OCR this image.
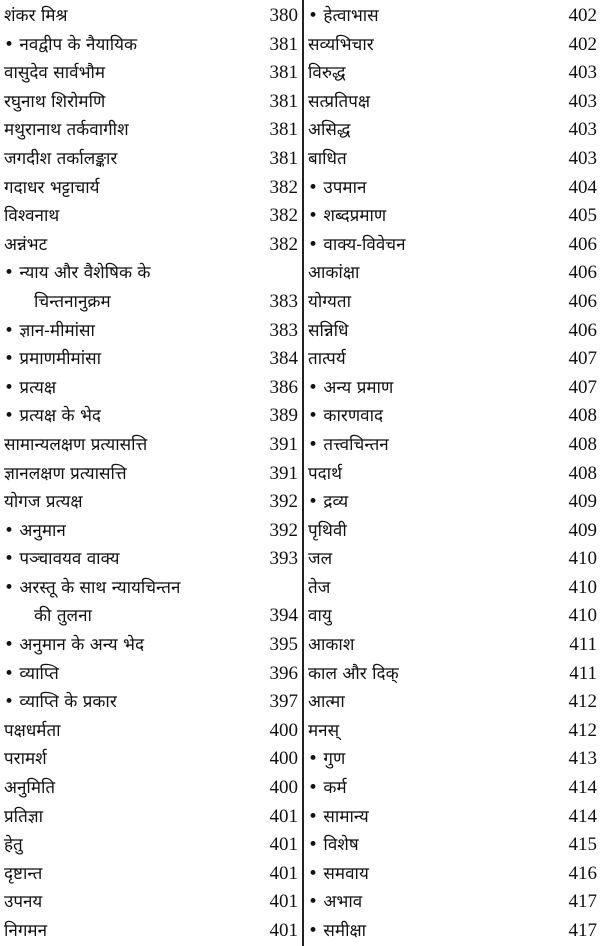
शंकर मिश्र	380
• नवद्वीप के नैयायिक	381
वासुदेव सार्वभौम	381
रघुनाथ शिरोमणि	381
मथुरानाथ तर्कवागीश	381
जगदीश तर्कालङ्कार	381
गदाधर भट्टाचार्य	382
विश्वनाथ	382
अन्नंभट	382
• न्याय और वैशेषिक के
चिन्तनानुक्रम	383
• ज्ञान-मीमांसा	383
• प्रमाणमीमांसा	384
• प्रत्यक्ष	386
• प्रत्यक्ष के भेद	389
सामान्यलक्षण प्रत्यासत्ति	391
ज्ञानलक्षण प्रत्यासत्ति	391
योगज प्रत्यक्ष	392
• अनुमान	392
• पञ्चावयव वाक्य	393
• अरस्तू के साथ न्यायचिन्तन
की तुलना	394
• अनुमान के अन्य भेद	395
• व्याप्ति	396
• व्याप्ति के प्रकार	397
पक्षधर्मता	400
परामर्श	400
अनुमिति	400
प्रतिज्ञा	401
हेतु	401
दृष्टान्त	401
उपनय	401
निगमन	401
• हेत्वाभास	402
सव्यभिचार	402
विरुद्ध	403
सत्प्रतिपक्ष	403
असिद्ध	403
बाधित	403
• उपमान	404
• शब्दप्रमाण	405
• वाक्य-विवेचन	406
आकांक्षा	406
योग्यता	406
सन्निधि	406
तात्पर्य	407
• अन्य प्रमाण	407
• कारणवाद	408
• तत्त्वचिन्तन	408
पदार्थ	408
• द्रव्य	409
पृथिवी	409
जल	410
तेज	410
वायु	410
आकाश	411
काल और दिक्	411
आत्मा	412
मनस्	412
• गुण	413
• कर्म	414
• सामान्य	414
• विशेष	415
• समवाय	416
• अभाव	417
• समीक्षा	417
